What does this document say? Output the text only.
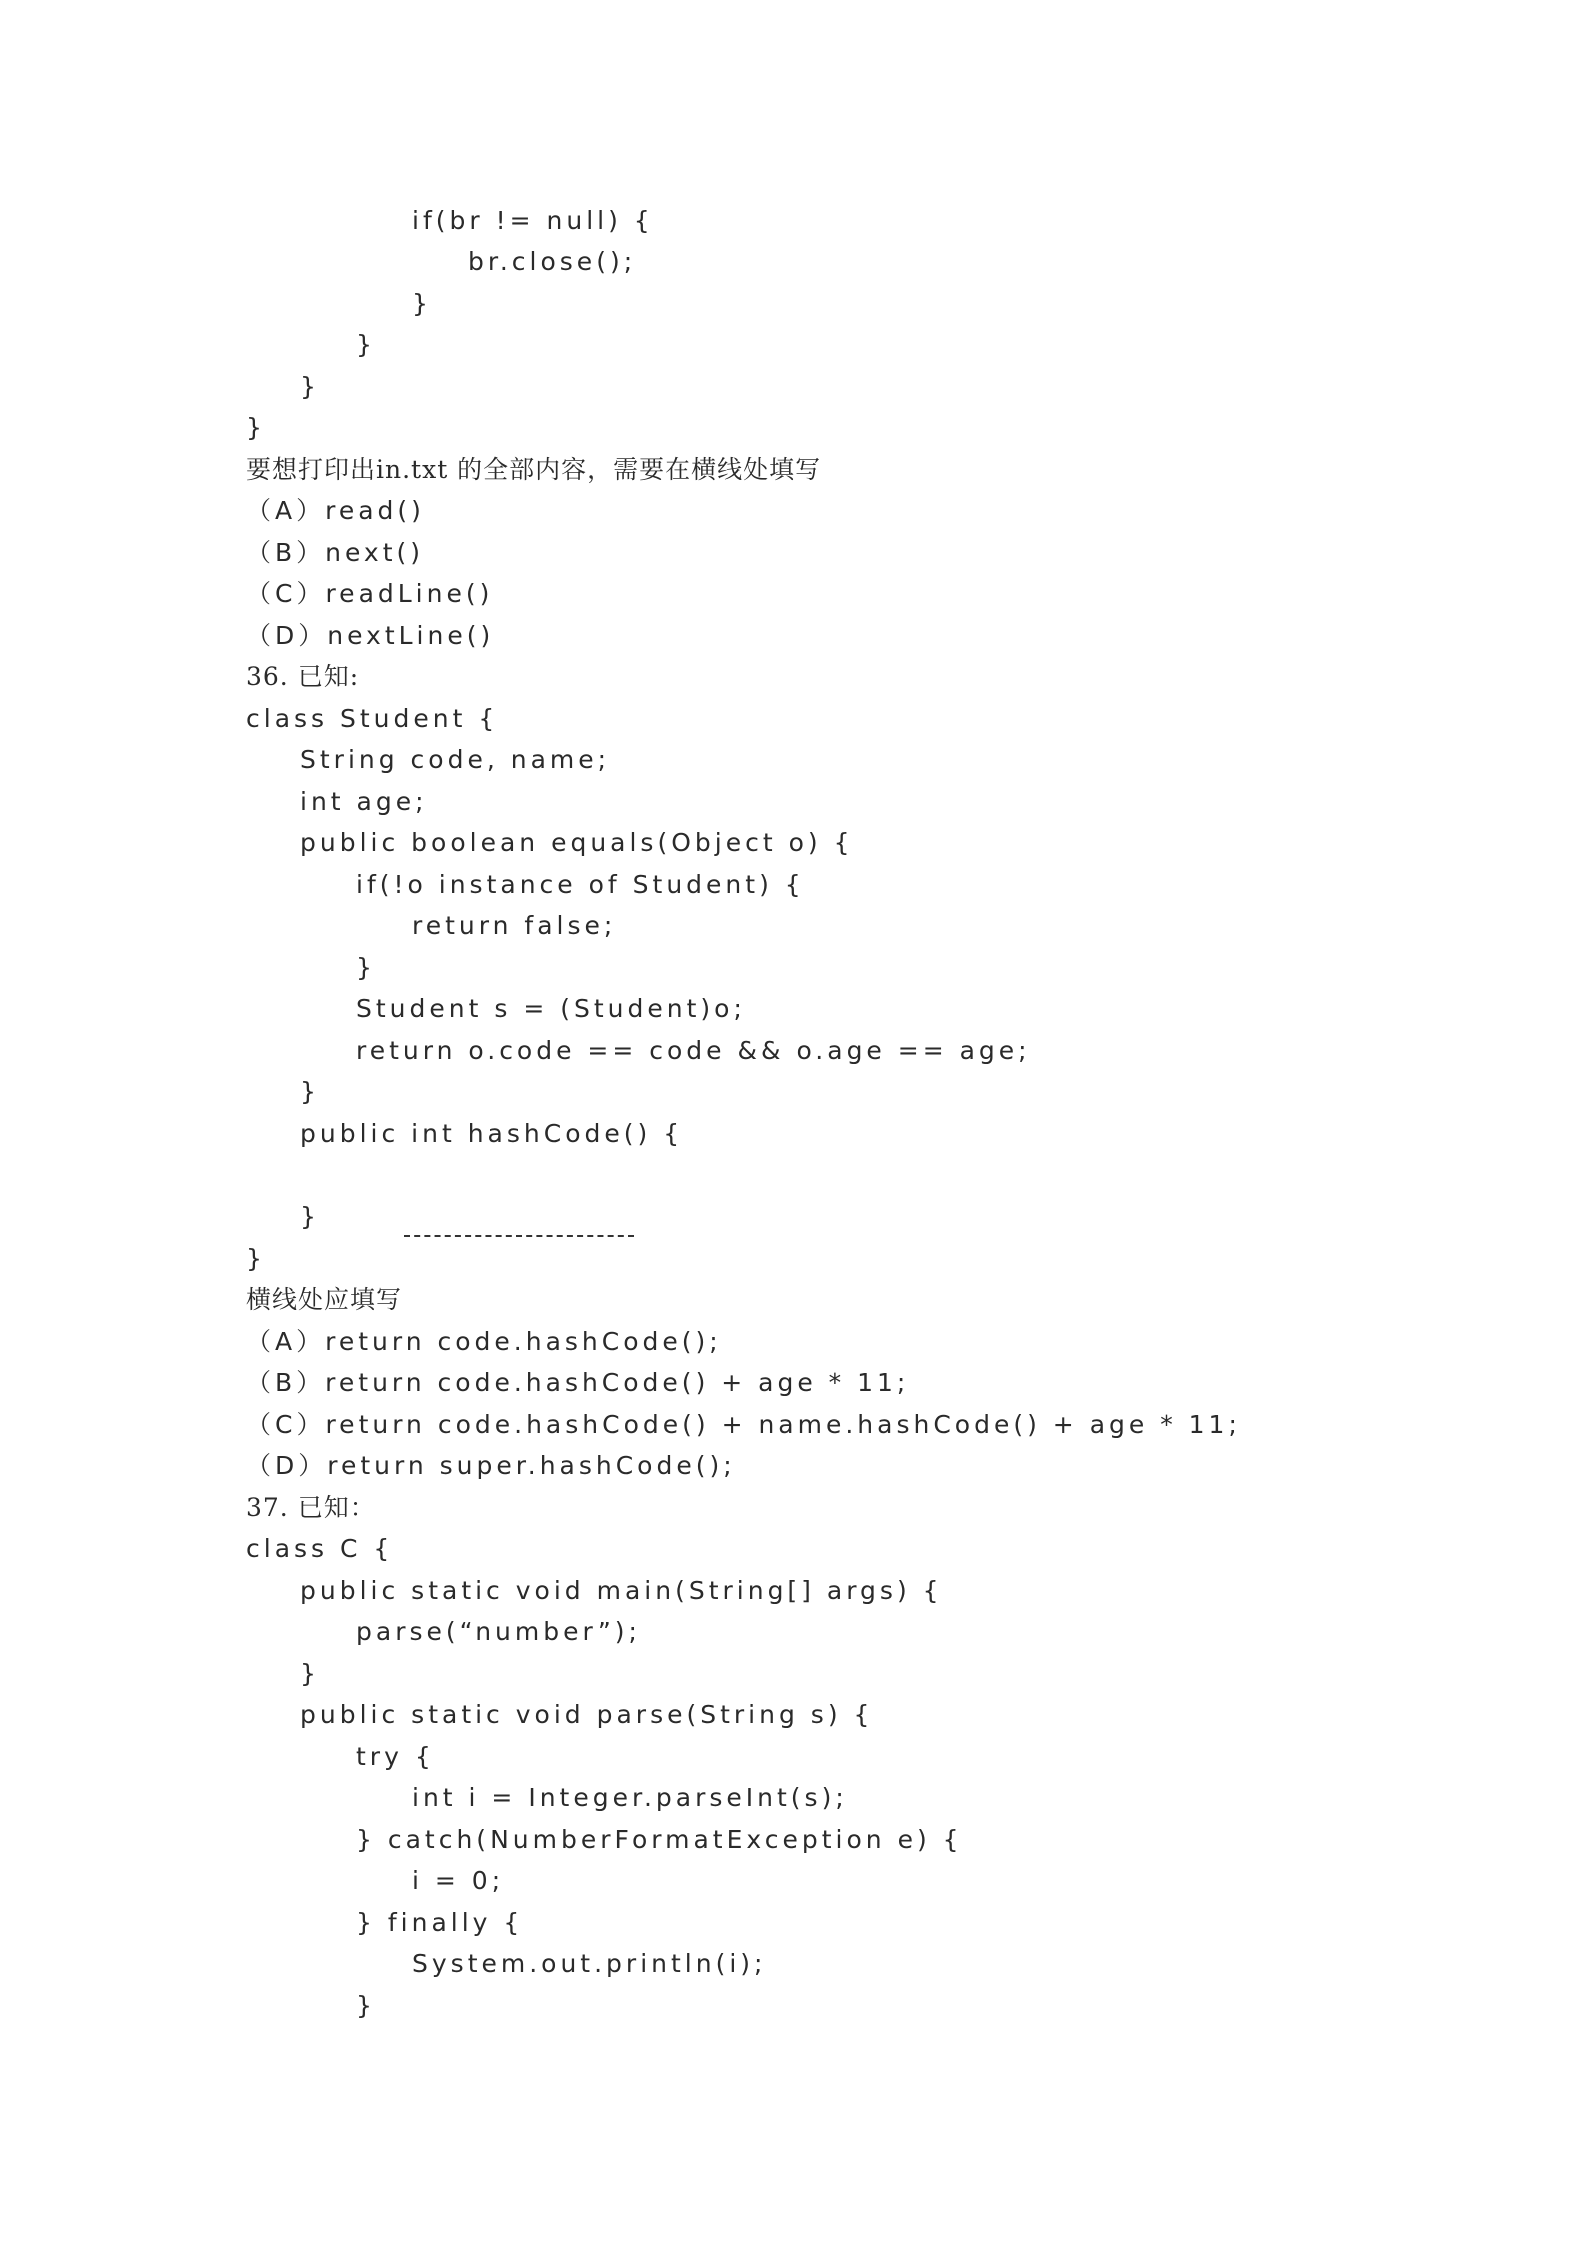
if(br != null) {
br.close();
}
}
}
}
要想打印出in.txt 的全部内容，需要在横线处填写
（A）read()
（B）next()
（C）readLine()
（D）nextLine()
36. 已知:
class Student {
String code, name;
int age;
public boolean equals(Object o) {
if(!o instance of Student) {
return false;
}
Student s = (Student)o;
return o.code == code && o.age == age;
}
public int hashCode() {

}
}
横线处应填写
（A）return code.hashCode();
（B）return code.hashCode() + age * 11;
（C）return code.hashCode() + name.hashCode() + age * 11;
（D）return super.hashCode();
37. 已知：
class C {
public static void main(String[] args) {
parse(“number”);
}
public static void parse(String s) {
try {
int i = Integer.parseInt(s);
} catch(NumberFormatException e) {
i = 0;
} finally {
System.out.println(i);
}
